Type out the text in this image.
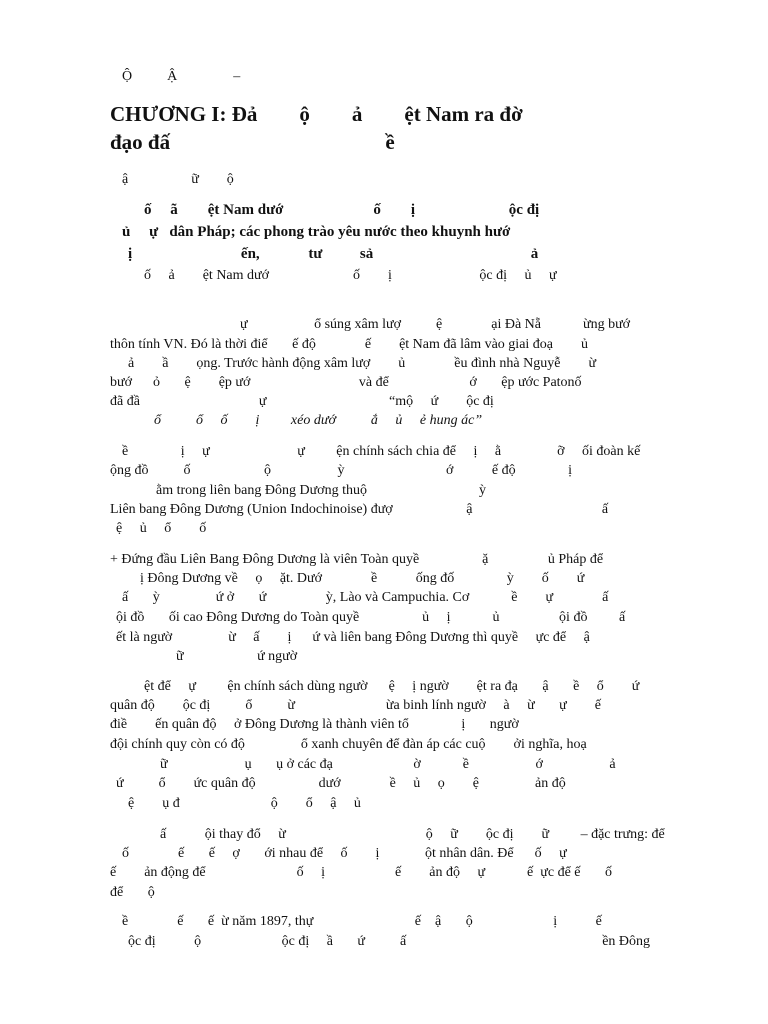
Ộ          Ậ                –
CHƯƠNG I: Đả        ộ        ả        ệt Nam ra đờ
đạo đấ                                         ề
ậ                  ữ        ộ
ố     ã        ệt Nam dướ                        ố        ị                         ộc đị
ủ     ự   dân Pháp; các phong trào yêu nước theo khuynh hướ
ị                             ến,             tư          sả                                          ả
ố     ả        ệt Nam dướ                        ố        ị                         ộc đị     ủ     ự
ự                   ổ súng xâm lượ          ệ              ại Đà Nẵ            ừng bướ
thôn tính VN. Đó là thời điể       ế độ              ế        ệt Nam đã lâm vào giai đoạ        ủ
ả        ầ        ọng. Trước hành động xâm lượ        ủ              ều đình nhà Nguyễ        ừ
bướ      ỏ       ệ        ệp ướ                               và để                       ớ       ệp ước Patonố
đã đầ                                  ự                                   “mộ     ứ        ộc đị
ổ          ổ     ố        ị         xéo dướ          ắ     ủ     ẻ hung ác”
ề               ị     ự                         ự         ện chính sách chia để     ị     ằ                ỡ     ối đoàn kế
ộng đồ          ố                     ộ                   ỳ                             ớ           ế độ               ị
ằm trong liên bang Đông Dương thuộ                                ỳ
Liên bang Đông Dương (Union Indochinoise) đượ                     ậ                                     ấ
ệ     ủ     ổ        ố
+ Đứng đầu Liên Bang Đông Dương là viên Toàn quyề                  ặ                 ủ Pháp để
ị Đông Dương về     ọ     ặt. Dướ              ề           ống đố               ỳ        ố        ứ
ấ       ỳ                ứ ở       ứ                 ỳ, Lào và Campuchia. Cơ            ề        ự              ấ
ội đồ       ối cao Đông Dương do Toàn quyề                  ủ     ị            ủ                 ội đồ         ấ
ết là ngườ                ừ     ấ        ị      ứ và liên bang Đông Dương thì quyề     ực để     ậ
ữ                     ứ ngườ
ệt để     ự         ện chính sách dùng ngườ      ệ     ị ngườ        ệt ra đạ       ậ       ề     ổ        ứ
quân độ        ộc đị          ổ          ừ                          ừa binh lính ngườ     à     ừ       ự        ế
điề        ến quân độ     ở Đông Dương là thành viên tổ               ị       ngườ
đội chính quy còn có độ                ổ xanh chuyên để đàn áp các cuộ        ởi nghĩa, hoạ
ữ                      ụ       ụ ở các đạ                       ờ            ề                   ớ                   ả
ứ          ổ        ức quân độ                  dướ              ề     ủ     ọ        ệ                ản độ
ệ        ụ đ                          ộ        ổ     ậ     ủ
ấ           ội thay đổ     ừ                                        ộ     ữ        ộc đị        ữ         – đặc trưng: để
ố              ế       ế     ợ       ới nhau để     ố        ị             ột nhân dân. Để      ố     ự
ế        ản động để                          ố     ị                    ế        ản độ     ự            ế  ực để ế       ố
để       ộ
ề              ế       ế  ừ năm 1897, thự                             ế    ậ       ộ                       ị           ế
ộc đị           ộ                       ộc đị     ầ       ứ          ấ                                                        ền Đông
